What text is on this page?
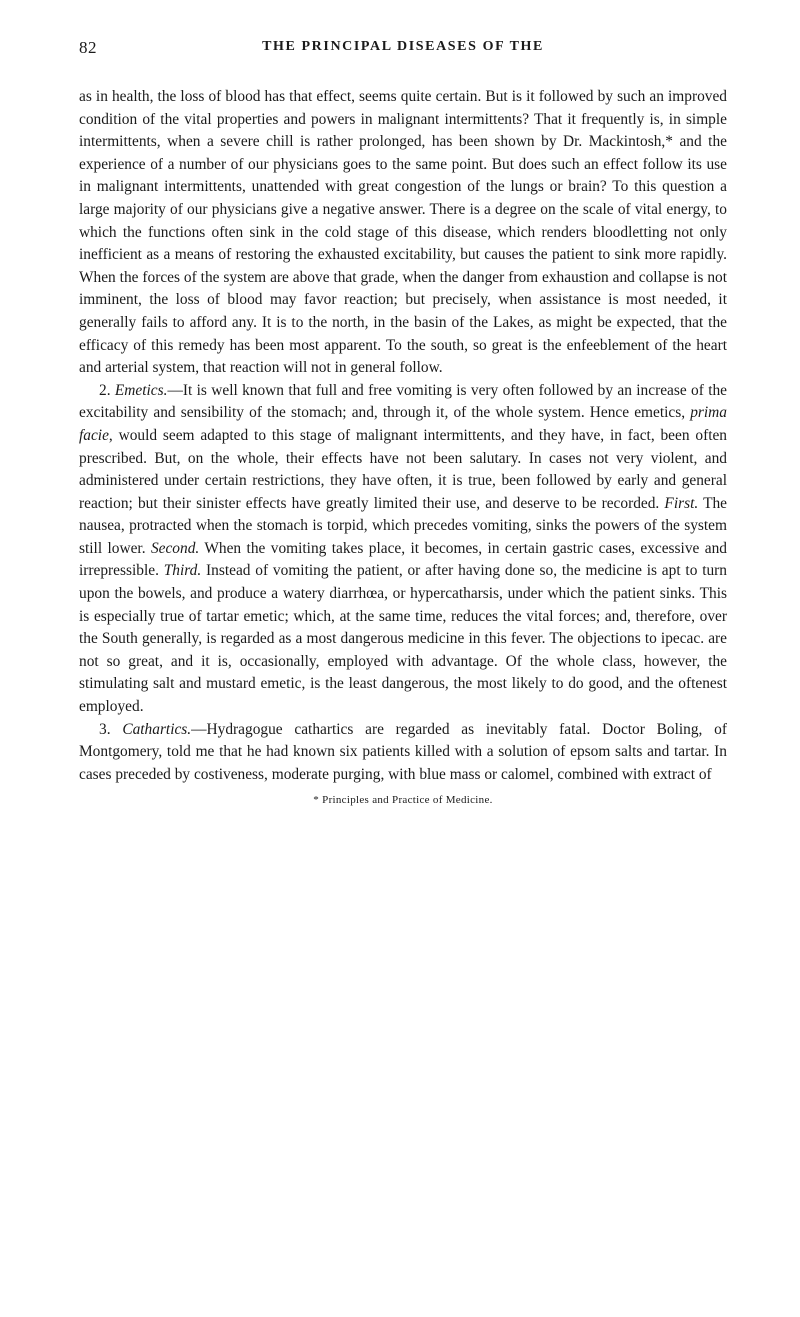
82	THE PRINCIPAL DISEASES OF THE

as in health, the loss of blood has that effect, seems quite certain. But is it followed by such an improved condition of the vital properties and powers in malignant intermittents? That it frequently is, in simple intermittents, when a severe chill is rather prolonged, has been shown by Dr. Mackintosh,* and the experience of a number of our physicians goes to the same point. But does such an effect follow its use in malignant intermittents, unattended with great congestion of the lungs or brain? To this question a large majority of our physicians give a negative answer. There is a degree on the scale of vital energy, to which the functions often sink in the cold stage of this disease, which renders bloodletting not only inefficient as a means of restoring the exhausted excitability, but causes the patient to sink more rapidly. When the forces of the system are above that grade, when the danger from exhaustion and collapse is not imminent, the loss of blood may favor reaction; but precisely, when assistance is most needed, it generally fails to afford any. It is to the north, in the basin of the Lakes, as might be expected, that the efficacy of this remedy has been most apparent. To the south, so great is the enfeeblement of the heart and arterial system, that reaction will not in general follow.

2. Emetics.—It is well known that full and free vomiting is very often followed by an increase of the excitability and sensibility of the stomach; and, through it, of the whole system. Hence emetics, prima facie, would seem adapted to this stage of malignant intermittents, and they have, in fact, been often prescribed. But, on the whole, their effects have not been salutary. In cases not very violent, and administered under certain restrictions, they have often, it is true, been followed by early and general reaction; but their sinister effects have greatly limited their use, and deserve to be recorded. First. The nausea, protracted when the stomach is torpid, which precedes vomiting, sinks the powers of the system still lower. Second. When the vomiting takes place, it becomes, in certain gastric cases, excessive and irrepressible. Third. Instead of vomiting the patient, or after having done so, the medicine is apt to turn upon the bowels, and produce a watery diarrhœa, or hypercatharsis, under which the patient sinks. This is especially true of tartar emetic; which, at the same time, reduces the vital forces; and, therefore, over the South generally, is regarded as a most dangerous medicine in this fever. The objections to ipecac. are not so great, and it is, occasionally, employed with advantage. Of the whole class, however, the stimulating salt and mustard emetic, is the least dangerous, the most likely to do good, and the oftenest employed.

3. Cathartics.—Hydragogue cathartics are regarded as inevitably fatal. Doctor Boling, of Montgomery, told me that he had known six patients killed with a solution of epsom salts and tartar. In cases preceded by costiveness, moderate purging, with blue mass or calomel, combined with extract of

* Principles and Practice of Medicine.
